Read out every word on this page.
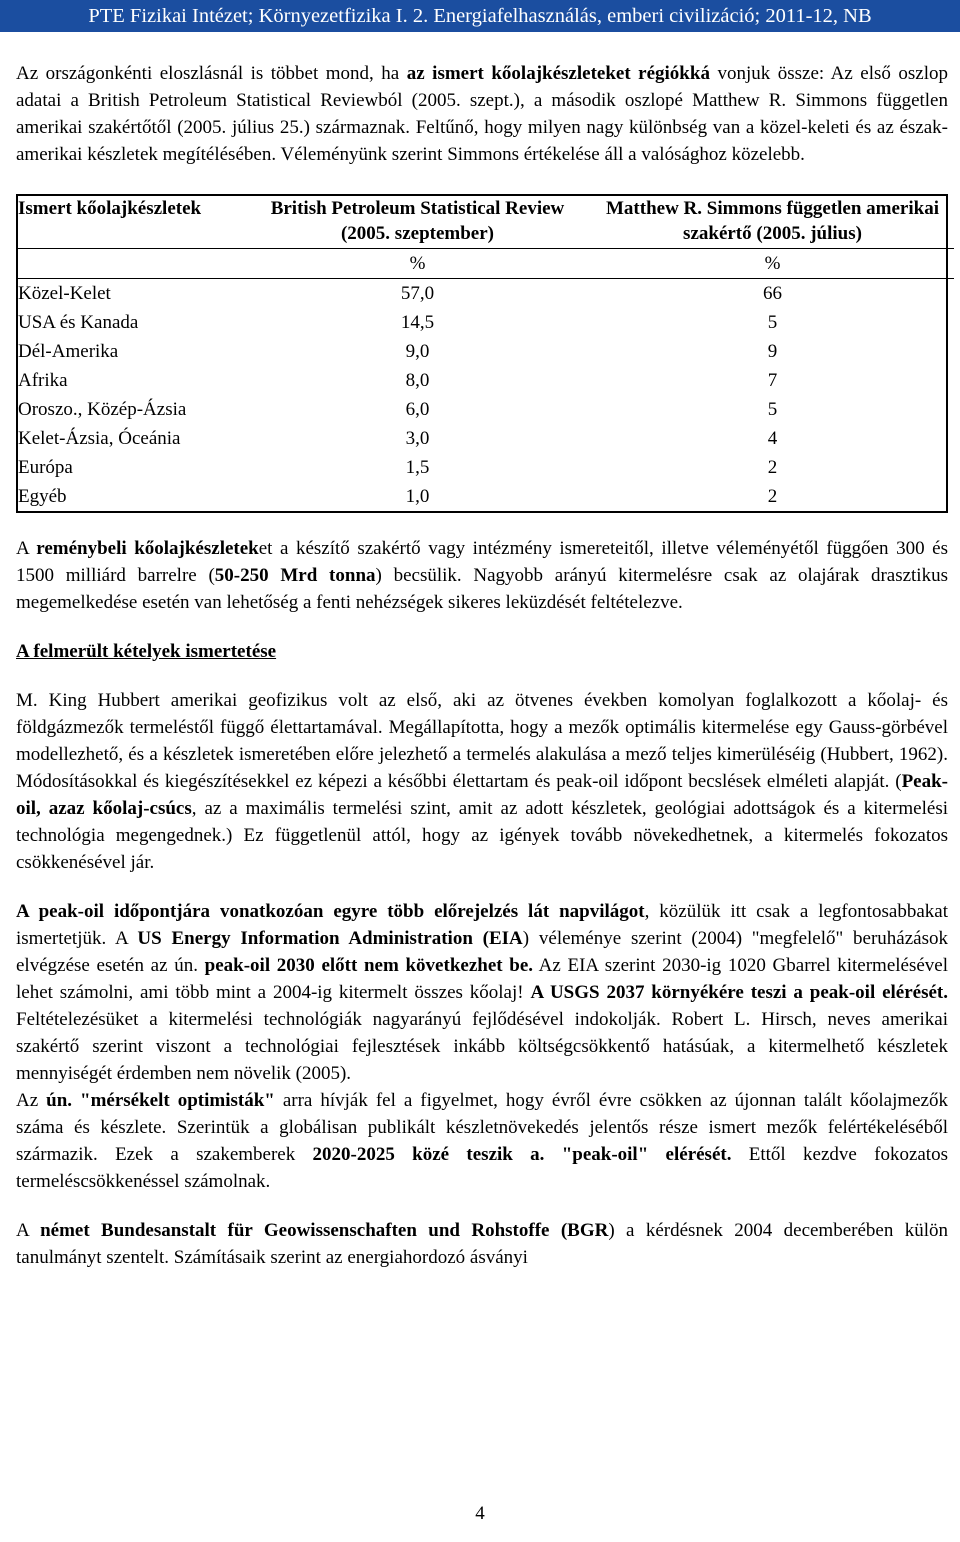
PTE Fizikai Intézet; Környezetfizika I. 2. Energiafelhasználás, emberi civilizáció; 2011-12, NB

Az országonkénti eloszlásnál is többet mond, ha az ismert kőolajkészleteket régiókká vonjuk össze: Az első oszlop adatai a British Petroleum Statistical Reviewból (2005. szept.), a második oszlopé Matthew R. Simmons független amerikai szakértőtől (2005. július 25.) származnak. Feltűnő, hogy milyen nagy különbség van a közel-keleti és az észak-amerikai készletek megítélésében. Véleményünk szerint Simmons értékelése áll a valósághoz közelebb.

Ismert kőolajkészletek	British Petroleum Statistical Review (2005. szeptember)	Matthew R. Simmons független amerikai szakértő (2005. július)
	%	%
Közel-Kelet	57,0	66
USA és Kanada	14,5	5
Dél-Amerika	9,0	9
Afrika	8,0	7
Oroszo., Közép-Ázsia	6,0	5
Kelet-Ázsia, Óceánia	3,0	4
Európa	1,5	2
Egyéb	1,0	2

A reménybeli kőolajkészleteket a készítő szakértő vagy intézmény ismereteitől, illetve véleményétől függően 300 és 1500 milliárd barrelre (50-250 Mrd tonna) becsülik. Nagyobb arányú kitermelésre csak az olajárak drasztikus megemelkedése esetén van lehetőség a fenti nehézségek sikeres leküzdését feltételezve.

A felmerült kételyek ismertetése

M. King Hubbert amerikai geofizikus volt az első, aki az ötvenes években komolyan foglalkozott a kőolaj- és földgázmezők termeléstől függő élettartamával. Megállapította, hogy a mezők optimális kitermelése egy Gauss-görbével modellezhető, és a készletek ismeretében előre jelezhető a termelés alakulása a mező teljes kimerüléséig (Hubbert, 1962). Módosításokkal és kiegészítésekkel ez képezi a későbbi élettartam és peak-oil időpont becslések elméleti alapját. (Peak-oil, azaz kőolaj-csúcs, az a maximális termelési szint, amit az adott készletek, geológiai adottságok és a kitermelési technológia megengednek.) Ez függetlenül attól, hogy az igények tovább növekedhetnek, a kitermelés fokozatos csökkenésével jár.

A peak-oil időpontjára vonatkozóan egyre több előrejelzés lát napvilágot, közülük itt csak a legfontosabbakat ismertetjük. A US Energy Information Administration (EIA) véleménye szerint (2004) "megfelelő" beruházások elvégzése esetén az ún. peak-oil 2030 előtt nem következhet be. Az EIA szerint 2030-ig 1020 Gbarrel kitermelésével lehet számolni, ami több mint a 2004-ig kitermelt összes kőolaj! A USGS 2037 környékére teszi a peak-oil elérését. Feltételezésüket a kitermelési technológiák nagyarányú fejlődésével indokolják. Robert L. Hirsch, neves amerikai szakértő szerint viszont a technológiai fejlesztések inkább költségcsökkentő hatásúak, a kitermelhető készletek mennyiségét érdemben nem növelik (2005).

Az ún. "mérsékelt optimisták" arra hívják fel a figyelmet, hogy évről évre csökken az újonnan talált kőolajmezők száma és készlete. Szerintük a globálisan publikált készletnövekedés jelentős része ismert mezők felértékeléséből származik. Ezek a szakemberek 2020-2025 közé teszik a. "peak-oil" elérését. Ettől kezdve fokozatos termeléscsökkenéssel számolnak.

A német Bundesanstalt für Geowissenschaften und Rohstoffe (BGR) a kérdésnek 2004 decemberében külön tanulmányt szentelt. Számításaik szerint az energiahordozó ásványi

4
